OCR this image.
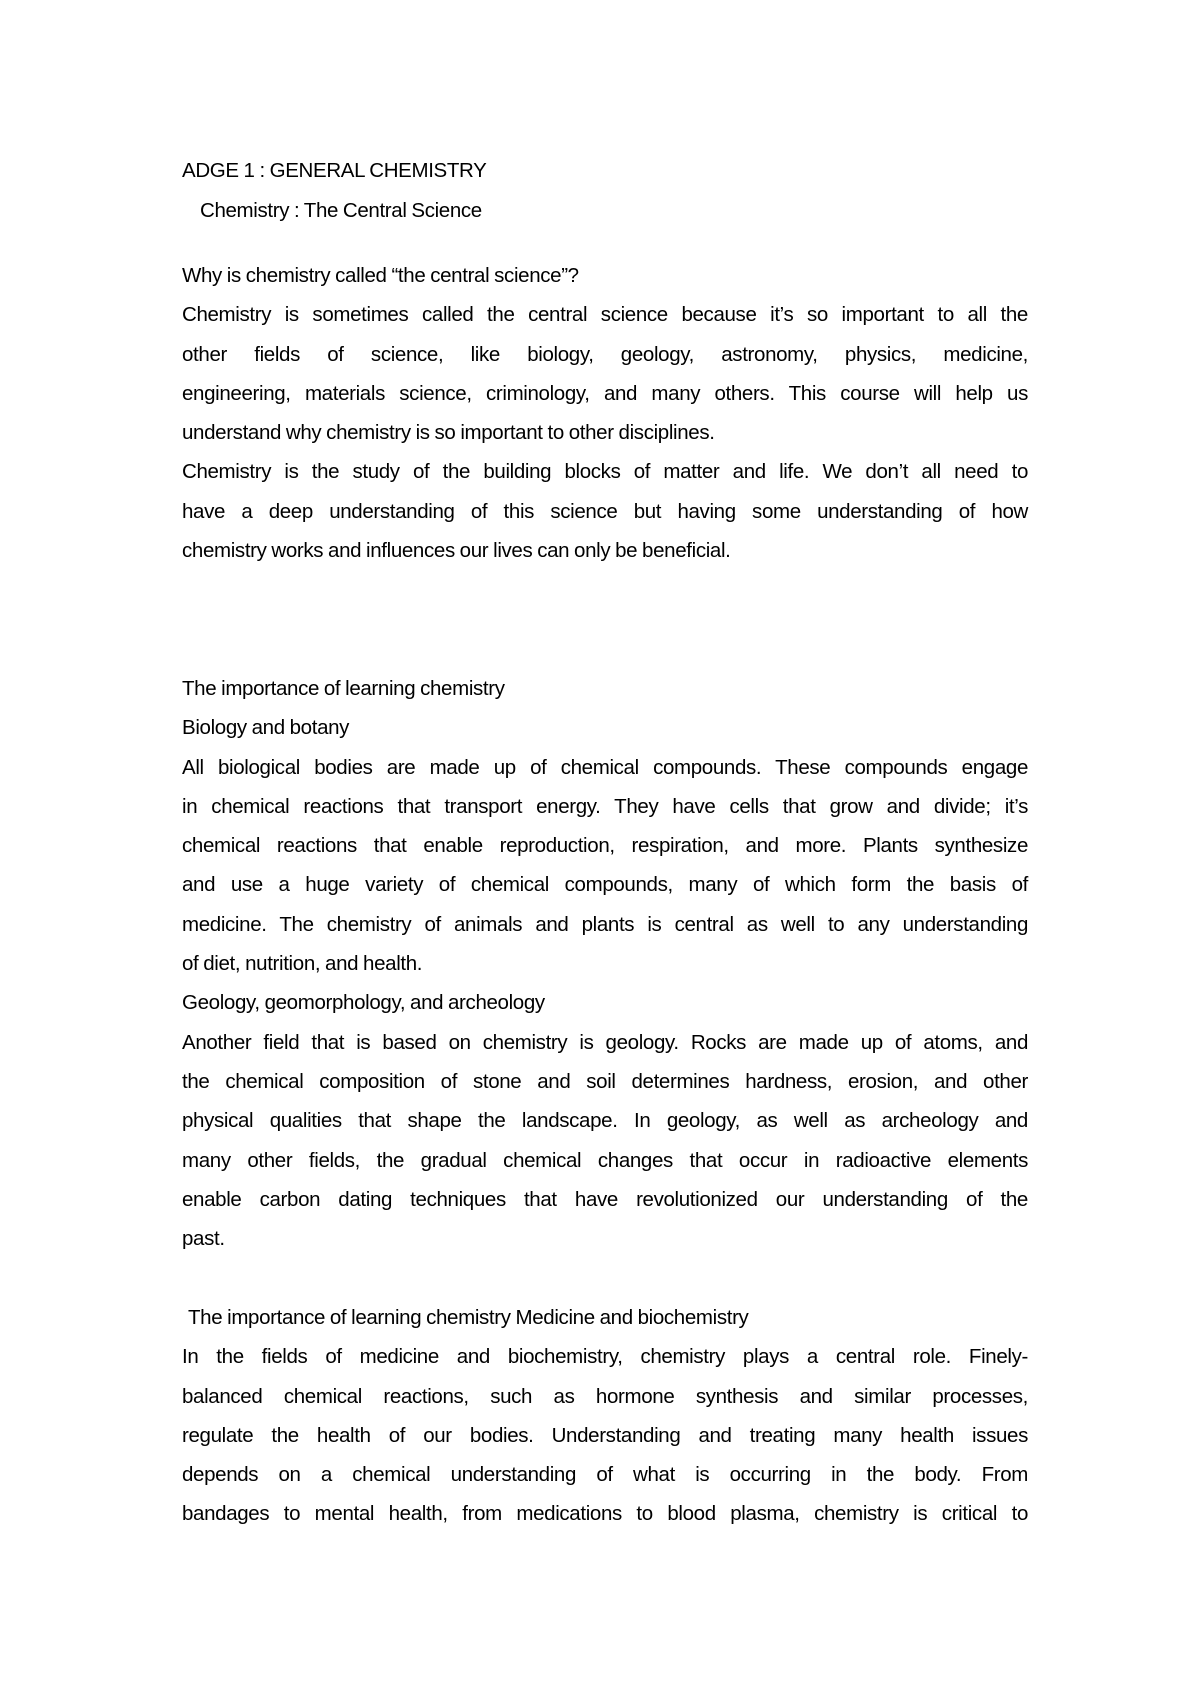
ADGE 1 : GENERAL CHEMISTRY
Chemistry : The Central Science
Why is chemistry called “the central science”?
Chemistry is sometimes called the central science because it’s so important to all the
other fields of science, like biology, geology, astronomy, physics, medicine,
engineering, materials science, criminology, and many others. This course will help us
understand why chemistry is so important to other disciplines.
Chemistry is the study of the building blocks of matter and life. We don’t all need to
have a deep understanding of this science but having some understanding of how
chemistry works and influences our lives can only be beneficial.
The importance of learning chemistry
Biology and botany
All biological bodies are made up of chemical compounds. These compounds engage
in chemical reactions that transport energy. They have cells that grow and divide; it’s
chemical reactions that enable reproduction, respiration, and more. Plants synthesize
and use a huge variety of chemical compounds, many of which form the basis of
medicine. The chemistry of animals and plants is central as well to any understanding
of diet, nutrition, and health.
Geology, geomorphology, and archeology
Another field that is based on chemistry is geology. Rocks are made up of atoms, and
the chemical composition of stone and soil determines hardness, erosion, and other
physical qualities that shape the landscape. In geology, as well as archeology and
many other fields, the gradual chemical changes that occur in radioactive elements
enable carbon dating techniques that have revolutionized our understanding of the
past.
The importance of learning chemistry Medicine and biochemistry
In the fields of medicine and biochemistry, chemistry plays a central role. Finely-
balanced chemical reactions, such as hormone synthesis and similar processes,
regulate the health of our bodies. Understanding and treating many health issues
depends on a chemical understanding of what is occurring in the body. From
bandages to mental health, from medications to blood plasma, chemistry is critical to
